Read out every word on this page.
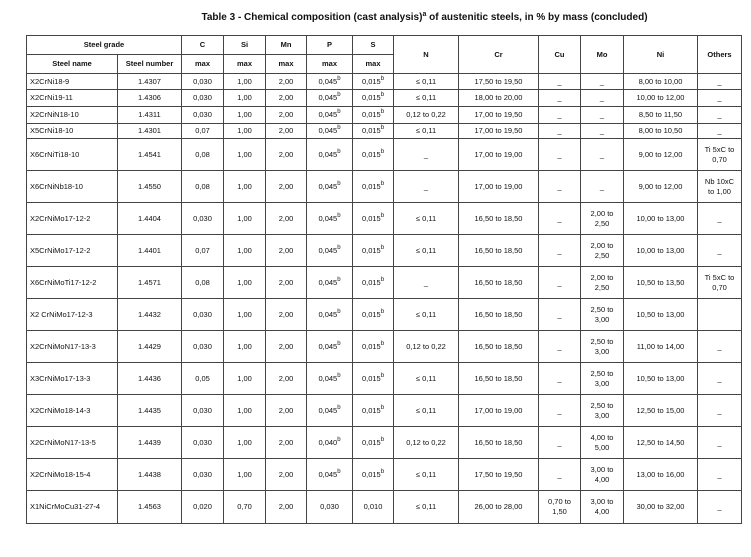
Table 3 - Chemical composition (cast analysis)$^a$ of austenitic steels, in % by mass (concluded)
Steel grade		C	Si	Mn	P	S	N	Cr	Cu	Mo	Ni	Others
Steel name	Steel number	max	max	max	max	max						
X2CrNi18-9	1.4307	0,030	1,00	2,00	0,045$^b$	0,015$^b$	≤ 0,11	17,50 to 19,50	_	_	8,00 to 10,00	_
X2CrNi19-11	1.4306	0,030	1,00	2,00	0,045$^b$	0,015$^b$	≤ 0,11	18,00 to 20,00	_	_	10,00 to 12,00	_
X2CrNiN18-10	1.4311	0,030	1,00	2,00	0,045$^b$	0,015$^b$	0,12 to 0,22	17,00 to 19,50	_	_	8,50 to 11,50	_
X5CrNi18-10	1.4301	0,07	1,00	2,00	0,045$^b$	0,015$^b$	≤ 0,11	17,00 to 19,50	_	_	8,00 to 10,50	_
X6CrNiTi18-10	1.4541	0,08	1,00	2,00	0,045$^b$	0,015$^b$	_	17,00 to 19,00	_	_	9,00 to 12,00	Ti 5xC to
0,70
X6CrNiNb18-10	1.4550	0,08	1,00	2,00	0,045$^b$	0,015$^b$	_	17,00 to 19,00	_	_	9,00 to 12,00	Nb 10xC
to 1,00
X2CrNiMo17-12-2	1.4404	0,030	1,00	2,00	0,045$^b$	0,015$^b$	≤ 0,11	16,50 to 18,50	_	2,00 to
2,50	10,00 to 13,00	_
X5CrNiMo17-12-2	1.4401	0,07	1,00	2,00	0,045$^b$	0,015$^b$	≤ 0,11	16,50 to 18,50	_	2,00 to
2,50	10,00 to 13,00	_
X6CrNiMoTi17-12-2	1.4571	0,08	1,00	2,00	0,045$^b$	0,015$^b$	_	16,50 to 18,50	_	2,00 to
2,50	10,50 to 13,50	Ti 5xC to
0,70
X2 CrNiMo17-12-3	1.4432	0,030	1,00	2,00	0,045$^b$	0,015$^b$	≤ 0,11	16,50 to 18,50	_	2,50 to
3,00	10,50 to 13,00	
X2CrNiMoN17-13-3	1.4429	0,030	1,00	2,00	0,045$^b$	0,015$^b$	0,12 to 0,22	16,50 to 18,50	_	2,50 to
3,00	11,00 to 14,00	_
X3CrNiMo17-13-3	1.4436	0,05	1,00	2,00	0,045$^b$	0,015$^b$	≤ 0,11	16,50 to 18,50	_	2,50 to
3,00	10,50 to 13,00	_
X2CrNiMo18-14-3	1.4435	0,030	1,00	2,00	0,045$^b$	0,015$^b$	≤ 0,11	17,00 to 19,00	_	2,50 to
3,00	12,50 to 15,00	_
X2CrNiMoN17-13-5	1.4439	0,030	1,00	2,00	0,040$^b$	0,015$^b$	0,12 to 0,22	16,50 to 18,50	_	4,00 to
5,00	12,50 to 14,50	_
X2CrNiMo18-15-4	1.4438	0,030	1,00	2,00	0,045$^b$	0,015$^b$	≤ 0,11	17,50 to 19,50	_	3,00 to
4,00	13,00 to 16,00	_
X1NiCrMoCu31-27-4	1.4563	0,020	0,70	2,00	0,030	0,010	≤ 0,11	26,00 to 28,00	0,70 to
1,50	3,00 to
4,00	30,00 to 32,00	_
